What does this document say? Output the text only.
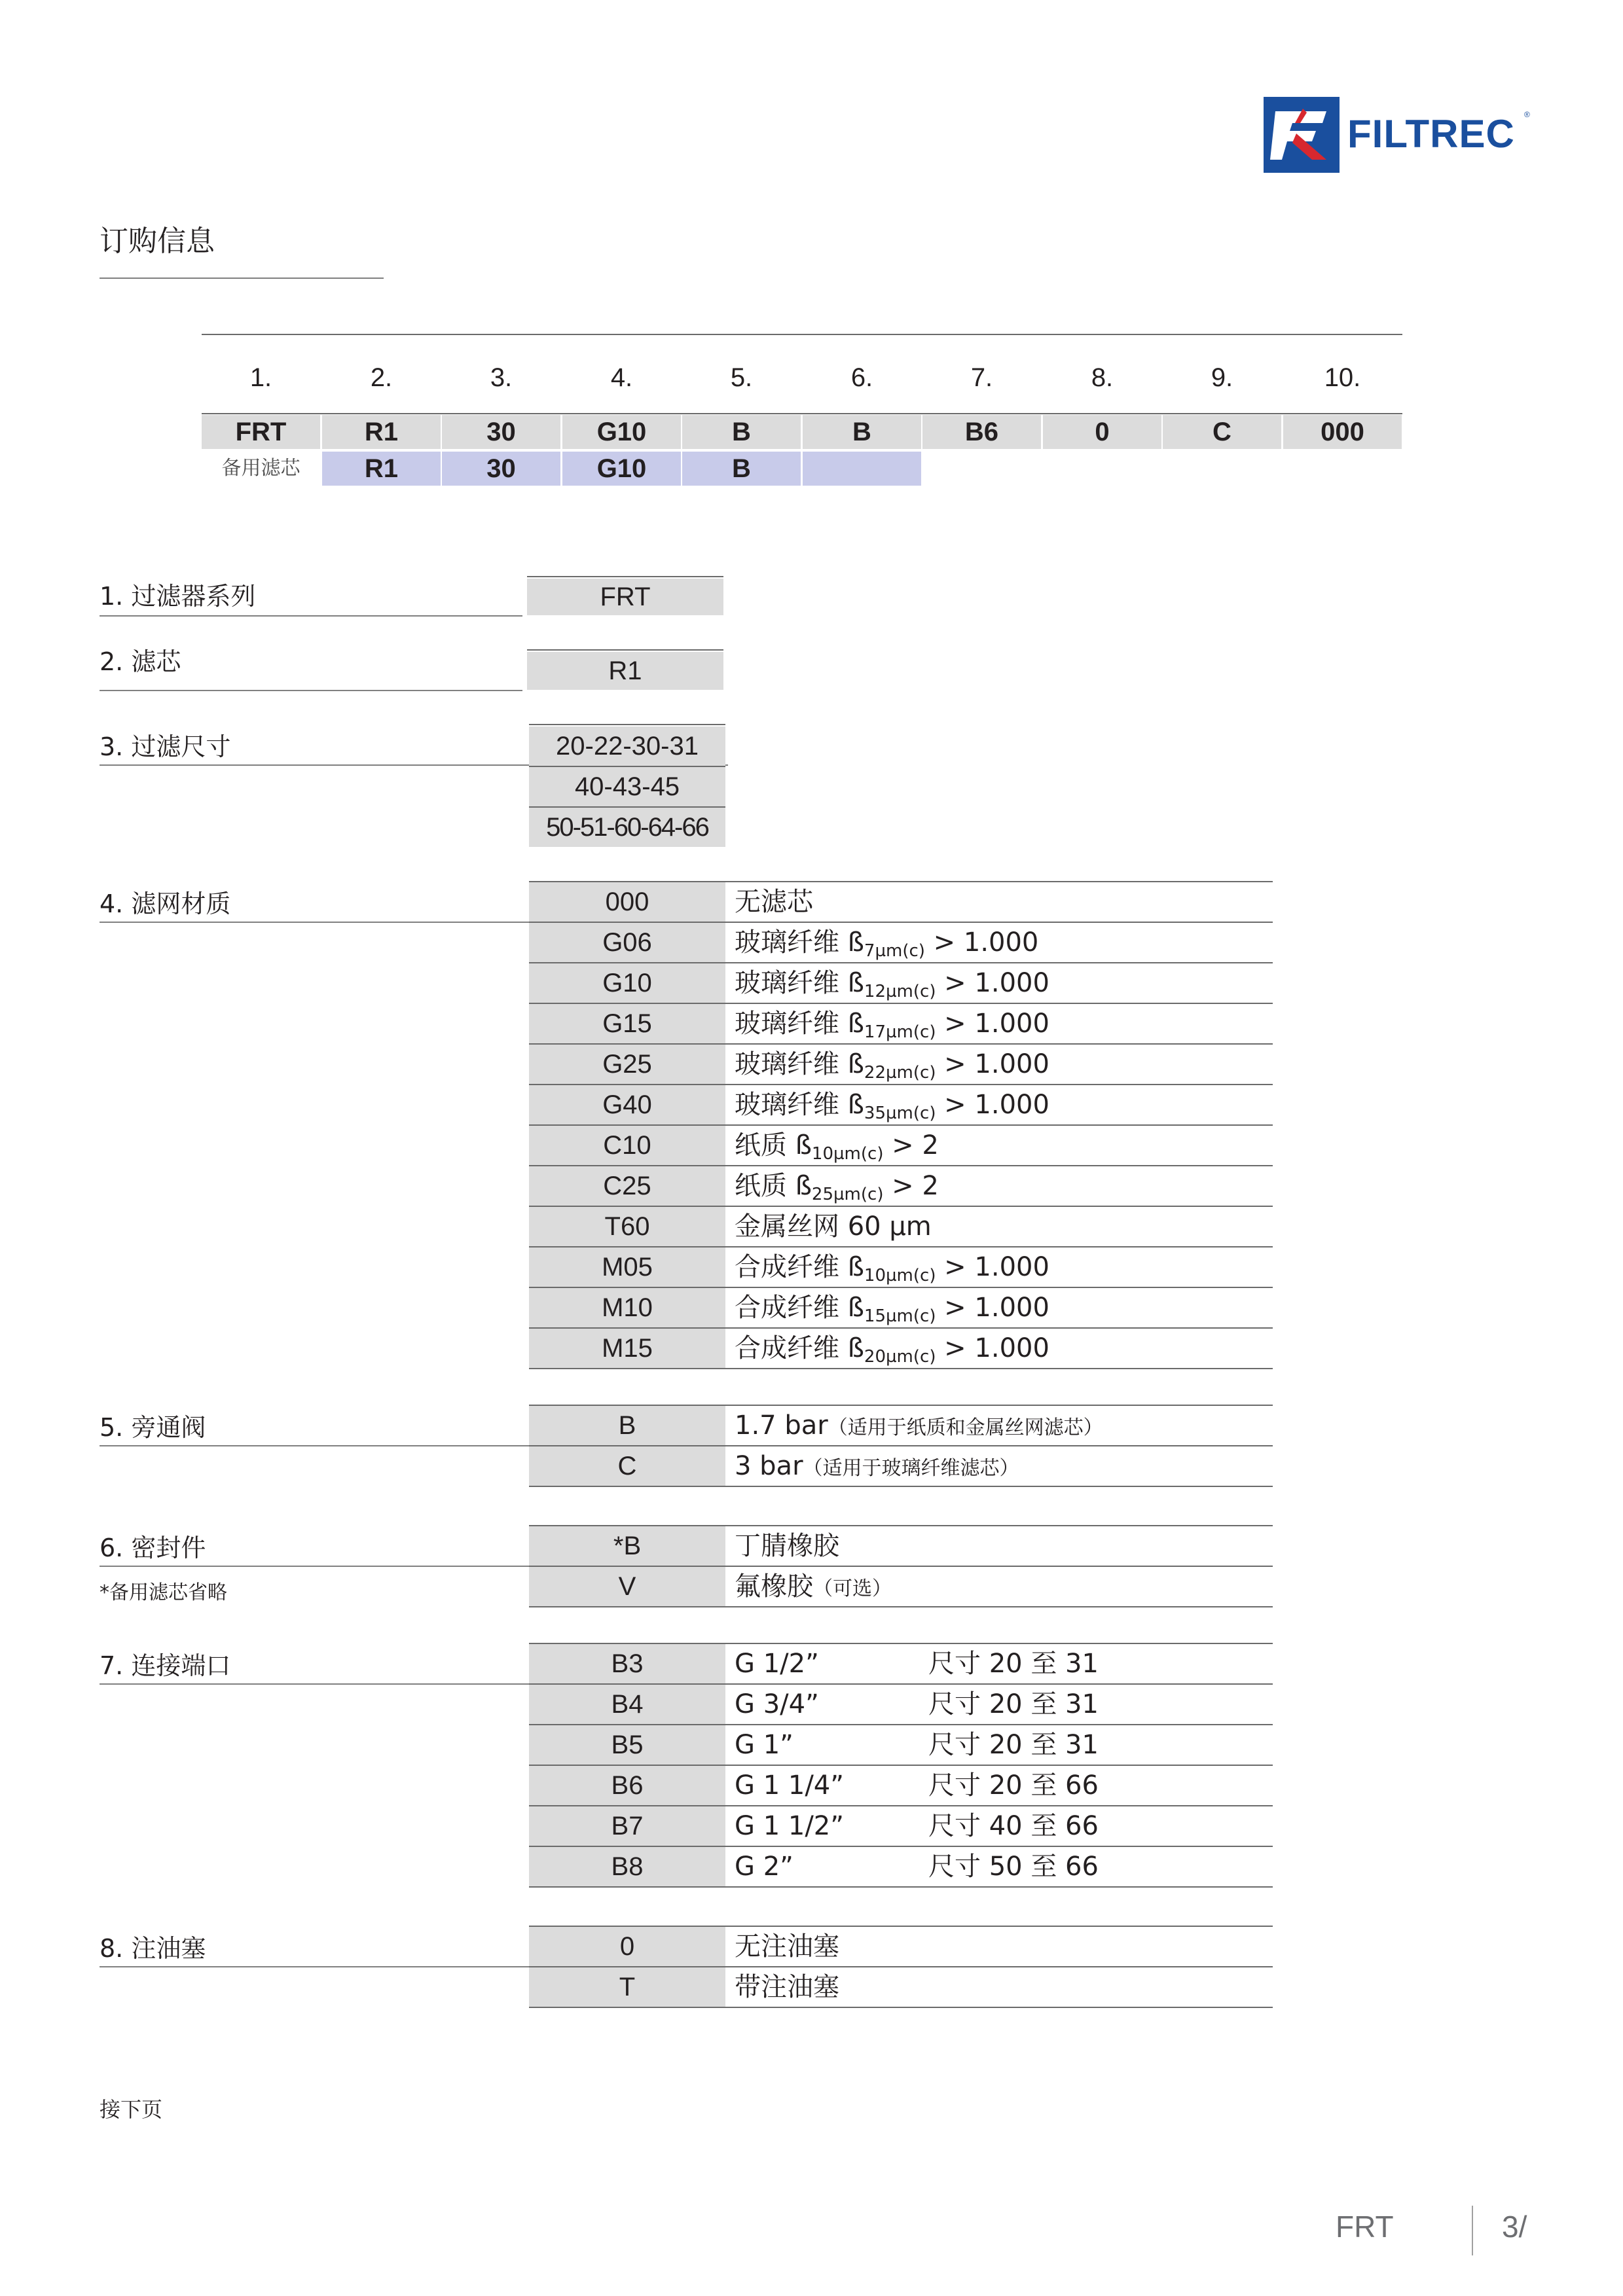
FILTREC ®
订购信息
1.	2.	3.	4.	5.	6.	7.	8.	9.	10.
FRT	R1	30	G10	B	B	B6	0	C	000
备用滤芯	R1	30	G10	B
1. 过滤器系列	FRT
2. 滤芯	R1
3. 过滤尺寸	20-22-30-31
40-43-45
50-51-60-64-66
4. 滤网材质	000	无滤芯
G06	玻璃纤维 $ß_{7\mu m(c)} > 1.000$
G10	玻璃纤维 $ß_{12\mu m(c)} > 1.000$
G15	玻璃纤维 $ß_{17\mu m(c)} > 1.000$
G25	玻璃纤维 $ß_{22\mu m(c)} > 1.000$
G40	玻璃纤维 $ß_{35\mu m(c)} > 1.000$
C10	纸质 $ß_{10\mu m(c)} > 2$
C25	纸质 $ß_{25\mu m(c)} > 2$
T60	金属丝网 60 µm
M05	合成纤维 $ß_{10\mu m(c)} > 1.000$
M10	合成纤维 $ß_{15\mu m(c)} > 1.000$
M15	合成纤维 $ß_{20\mu m(c)} > 1.000$
5. 旁通阀	B	1.7 bar（适用于纸质和金属丝网滤芯）
C	3 bar（适用于玻璃纤维滤芯）
6. 密封件
*备用滤芯省略
*B	丁腈橡胶
V	氟橡胶（可选）
7. 连接端口	B3	G 1/2”	尺寸 20 至 31
B4	G 3/4”	尺寸 20 至 31
B5	G 1”	尺寸 20 至 31
B6	G 1 1/4”	尺寸 20 至 66
B7	G 1 1/2”	尺寸 40 至 66
B8	G 2”	尺寸 50 至 66
8. 注油塞	0	无注油塞
T	带注油塞
接下页
FRT	3/
